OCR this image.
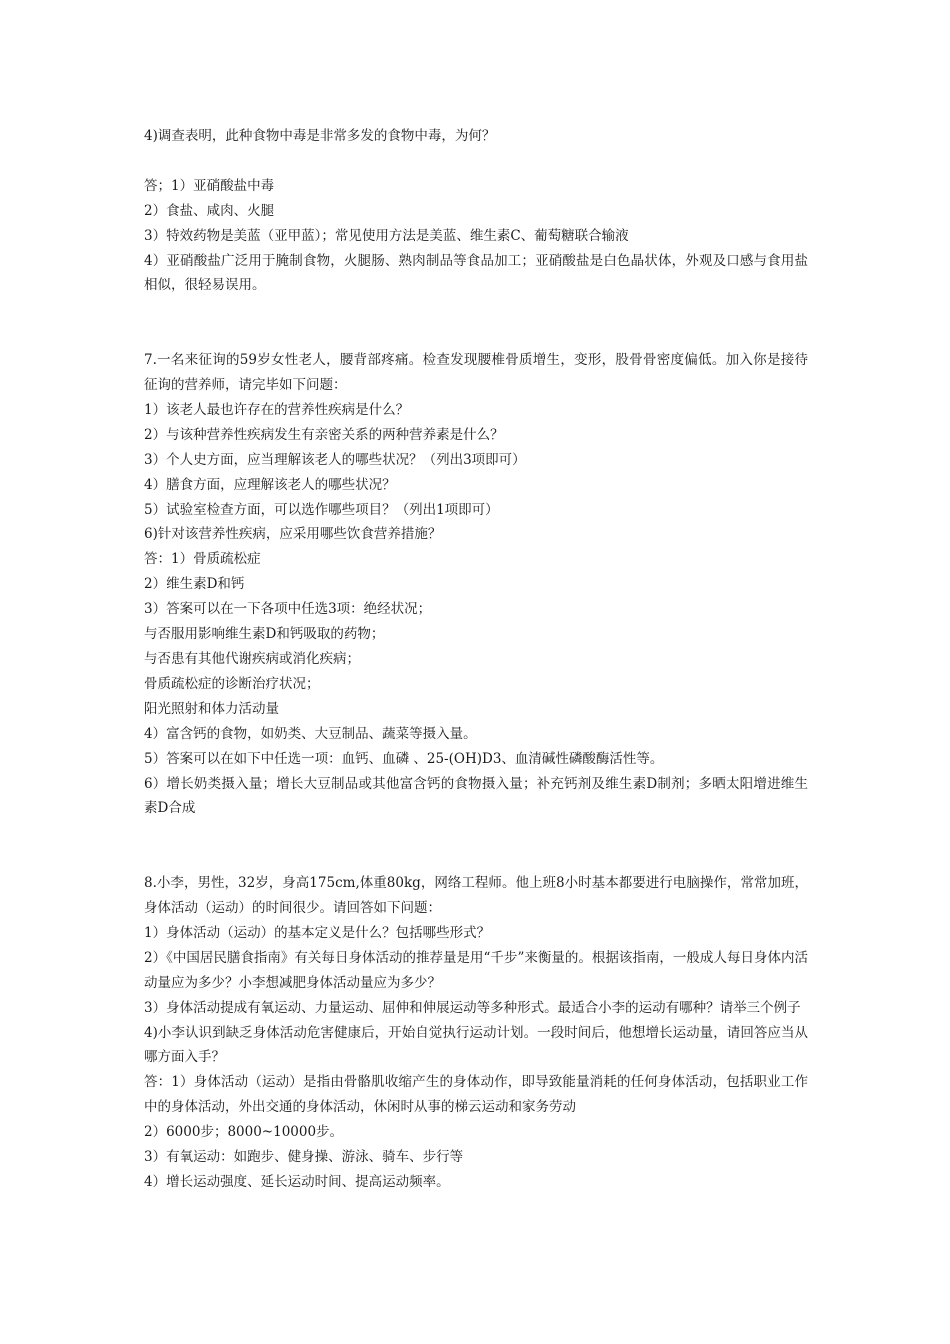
4)调查表明，此种食物中毒是非常多发的食物中毒，为何？

答；1）亚硝酸盐中毒

2）食盐、咸肉、火腿

3）特效药物是美蓝（亚甲蓝）；常见使用方法是美蓝、维生素C、葡萄糖联合输液

4）亚硝酸盐广泛用于腌制食物，火腿肠、熟肉制品等食品加工；亚硝酸盐是白色晶状体，外观及口感与食用盐相似，很轻易误用。

7.一名来征询的59岁女性老人，腰背部疼痛。检查发现腰椎骨质增生，变形，股骨骨密度偏低。加入你是接待征询的营养师，请完毕如下问题：

1）该老人最也许存在的营养性疾病是什么？

2）与该种营养性疾病发生有亲密关系的两种营养素是什么？

3）个人史方面，应当理解该老人的哪些状况？（列出3项即可）

4）膳食方面，应理解该老人的哪些状况？

5）试验室检查方面，可以选作哪些项目？（列出1项即可）

6)针对该营养性疾病，应采用哪些饮食营养措施？

答：1）骨质疏松症

2）维生素D和钙

3）答案可以在一下各项中任选3项：绝经状况；

与否服用影响维生素D和钙吸取的药物；

与否患有其他代谢疾病或消化疾病；

骨质疏松症的诊断治疗状况；

阳光照射和体力活动量

4）富含钙的食物，如奶类、大豆制品、蔬菜等摄入量。

5）答案可以在如下中任选一项：血钙、血磷 、25-(OH)D3、血清碱性磷酸酶活性等。

6）增长奶类摄入量；增长大豆制品或其他富含钙的食物摄入量；补充钙剂及维生素D制剂；多晒太阳增进维生素D合成

8.小李，男性，32岁，身高175cm,体重80kg，网络工程师。他上班8小时基本都要进行电脑操作，常常加班，身体活动（运动）的时间很少。请回答如下问题：

1）身体活动（运动）的基本定义是什么？包括哪些形式？

2）《中国居民膳食指南》有关每日身体活动的推荐量是用“千步”来衡量的。根据该指南，一般成人每日身体内活动量应为多少？小李想减肥身体活动量应为多少？

3）身体活动提成有氧运动、力量运动、屈伸和伸展运动等多种形式。最适合小李的运动有哪种？请举三个例子

4)小李认识到缺乏身体活动危害健康后，开始自觉执行运动计划。一段时间后，他想增长运动量，请回答应当从哪方面入手？

答：1）身体活动（运动）是指由骨骼肌收缩产生的身体动作，即导致能量消耗的任何身体活动，包括职业工作中的身体活动，外出交通的身体活动，休闲时从事的梯云运动和家务劳动

2）6000步；8000~10000步。

3）有氧运动：如跑步、健身操、游泳、骑车、步行等

4）增长运动强度、延长运动时间、提高运动频率。
